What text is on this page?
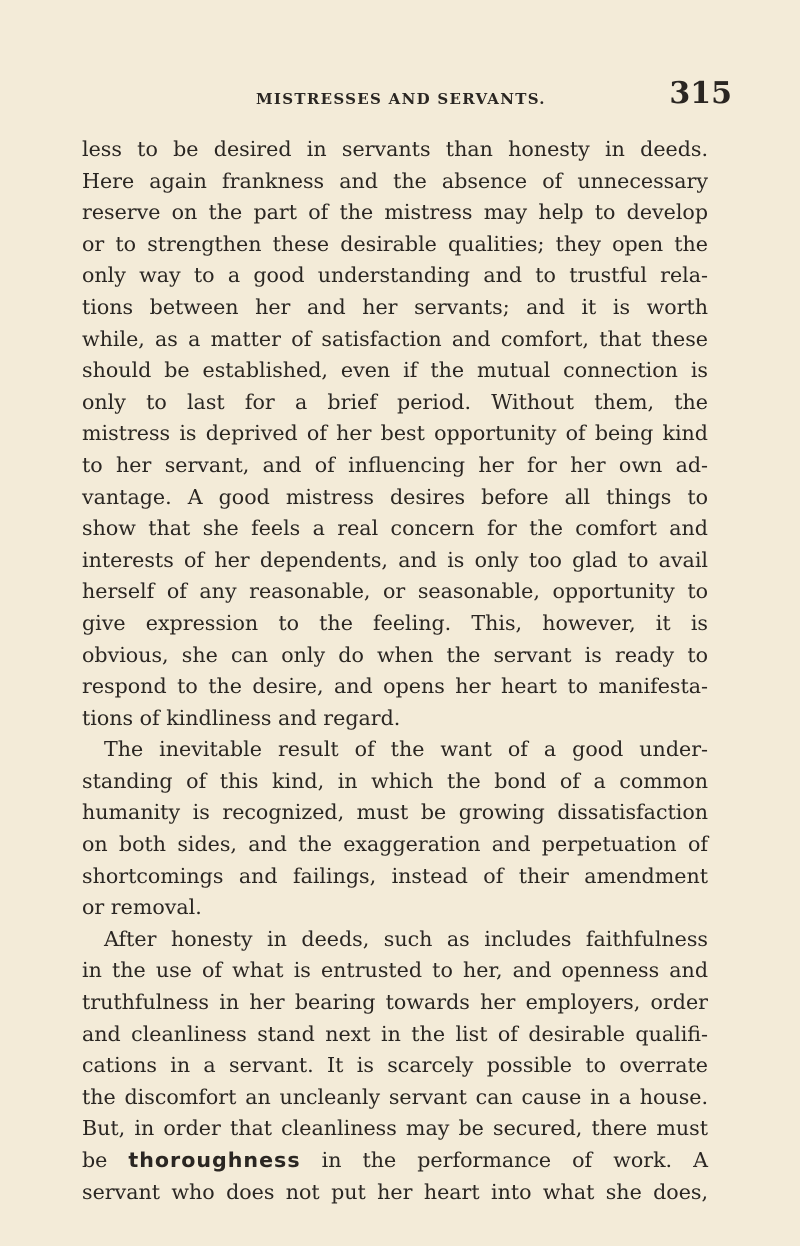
MISTRESSES AND SERVANTS.	315
less to be desired in servants than honesty in deeds.
Here again frankness and the absence of unnecessary
reserve on the part of the mistress may help to develop
or to strengthen these desirable qualities; they open the
only way to a good understanding and to trustful rela-
tions between her and her servants; and it is worth
while, as a matter of satisfaction and comfort, that these
should be established, even if the mutual connection is
only to last for a brief period. Without them, the
mistress is deprived of her best opportunity of being kind
to her servant, and of influencing her for her own ad-
vantage. A good mistress desires before all things to
show that she feels a real concern for the comfort and
interests of her dependents, and is only too glad to avail
herself of any reasonable, or seasonable, opportunity to
give expression to the feeling. This, however, it is
obvious, she can only do when the servant is ready to
respond to the desire, and opens her heart to manifesta-
tions of kindliness and regard.
The inevitable result of the want of a good under-
standing of this kind, in which the bond of a common
humanity is recognized, must be growing dissatisfaction
on both sides, and the exaggeration and perpetuation of
shortcomings and failings, instead of their amendment
or removal.
After honesty in deeds, such as includes faithfulness
in the use of what is entrusted to her, and openness and
truthfulness in her bearing towards her employers, order
and cleanliness stand next in the list of desirable qualifi-
cations in a servant. It is scarcely possible to overrate
the discomfort an uncleanly servant can cause in a house.
But, in order that cleanliness may be secured, there must
be thoroughness in the performance of work. A
servant who does not put her heart into what she does,
